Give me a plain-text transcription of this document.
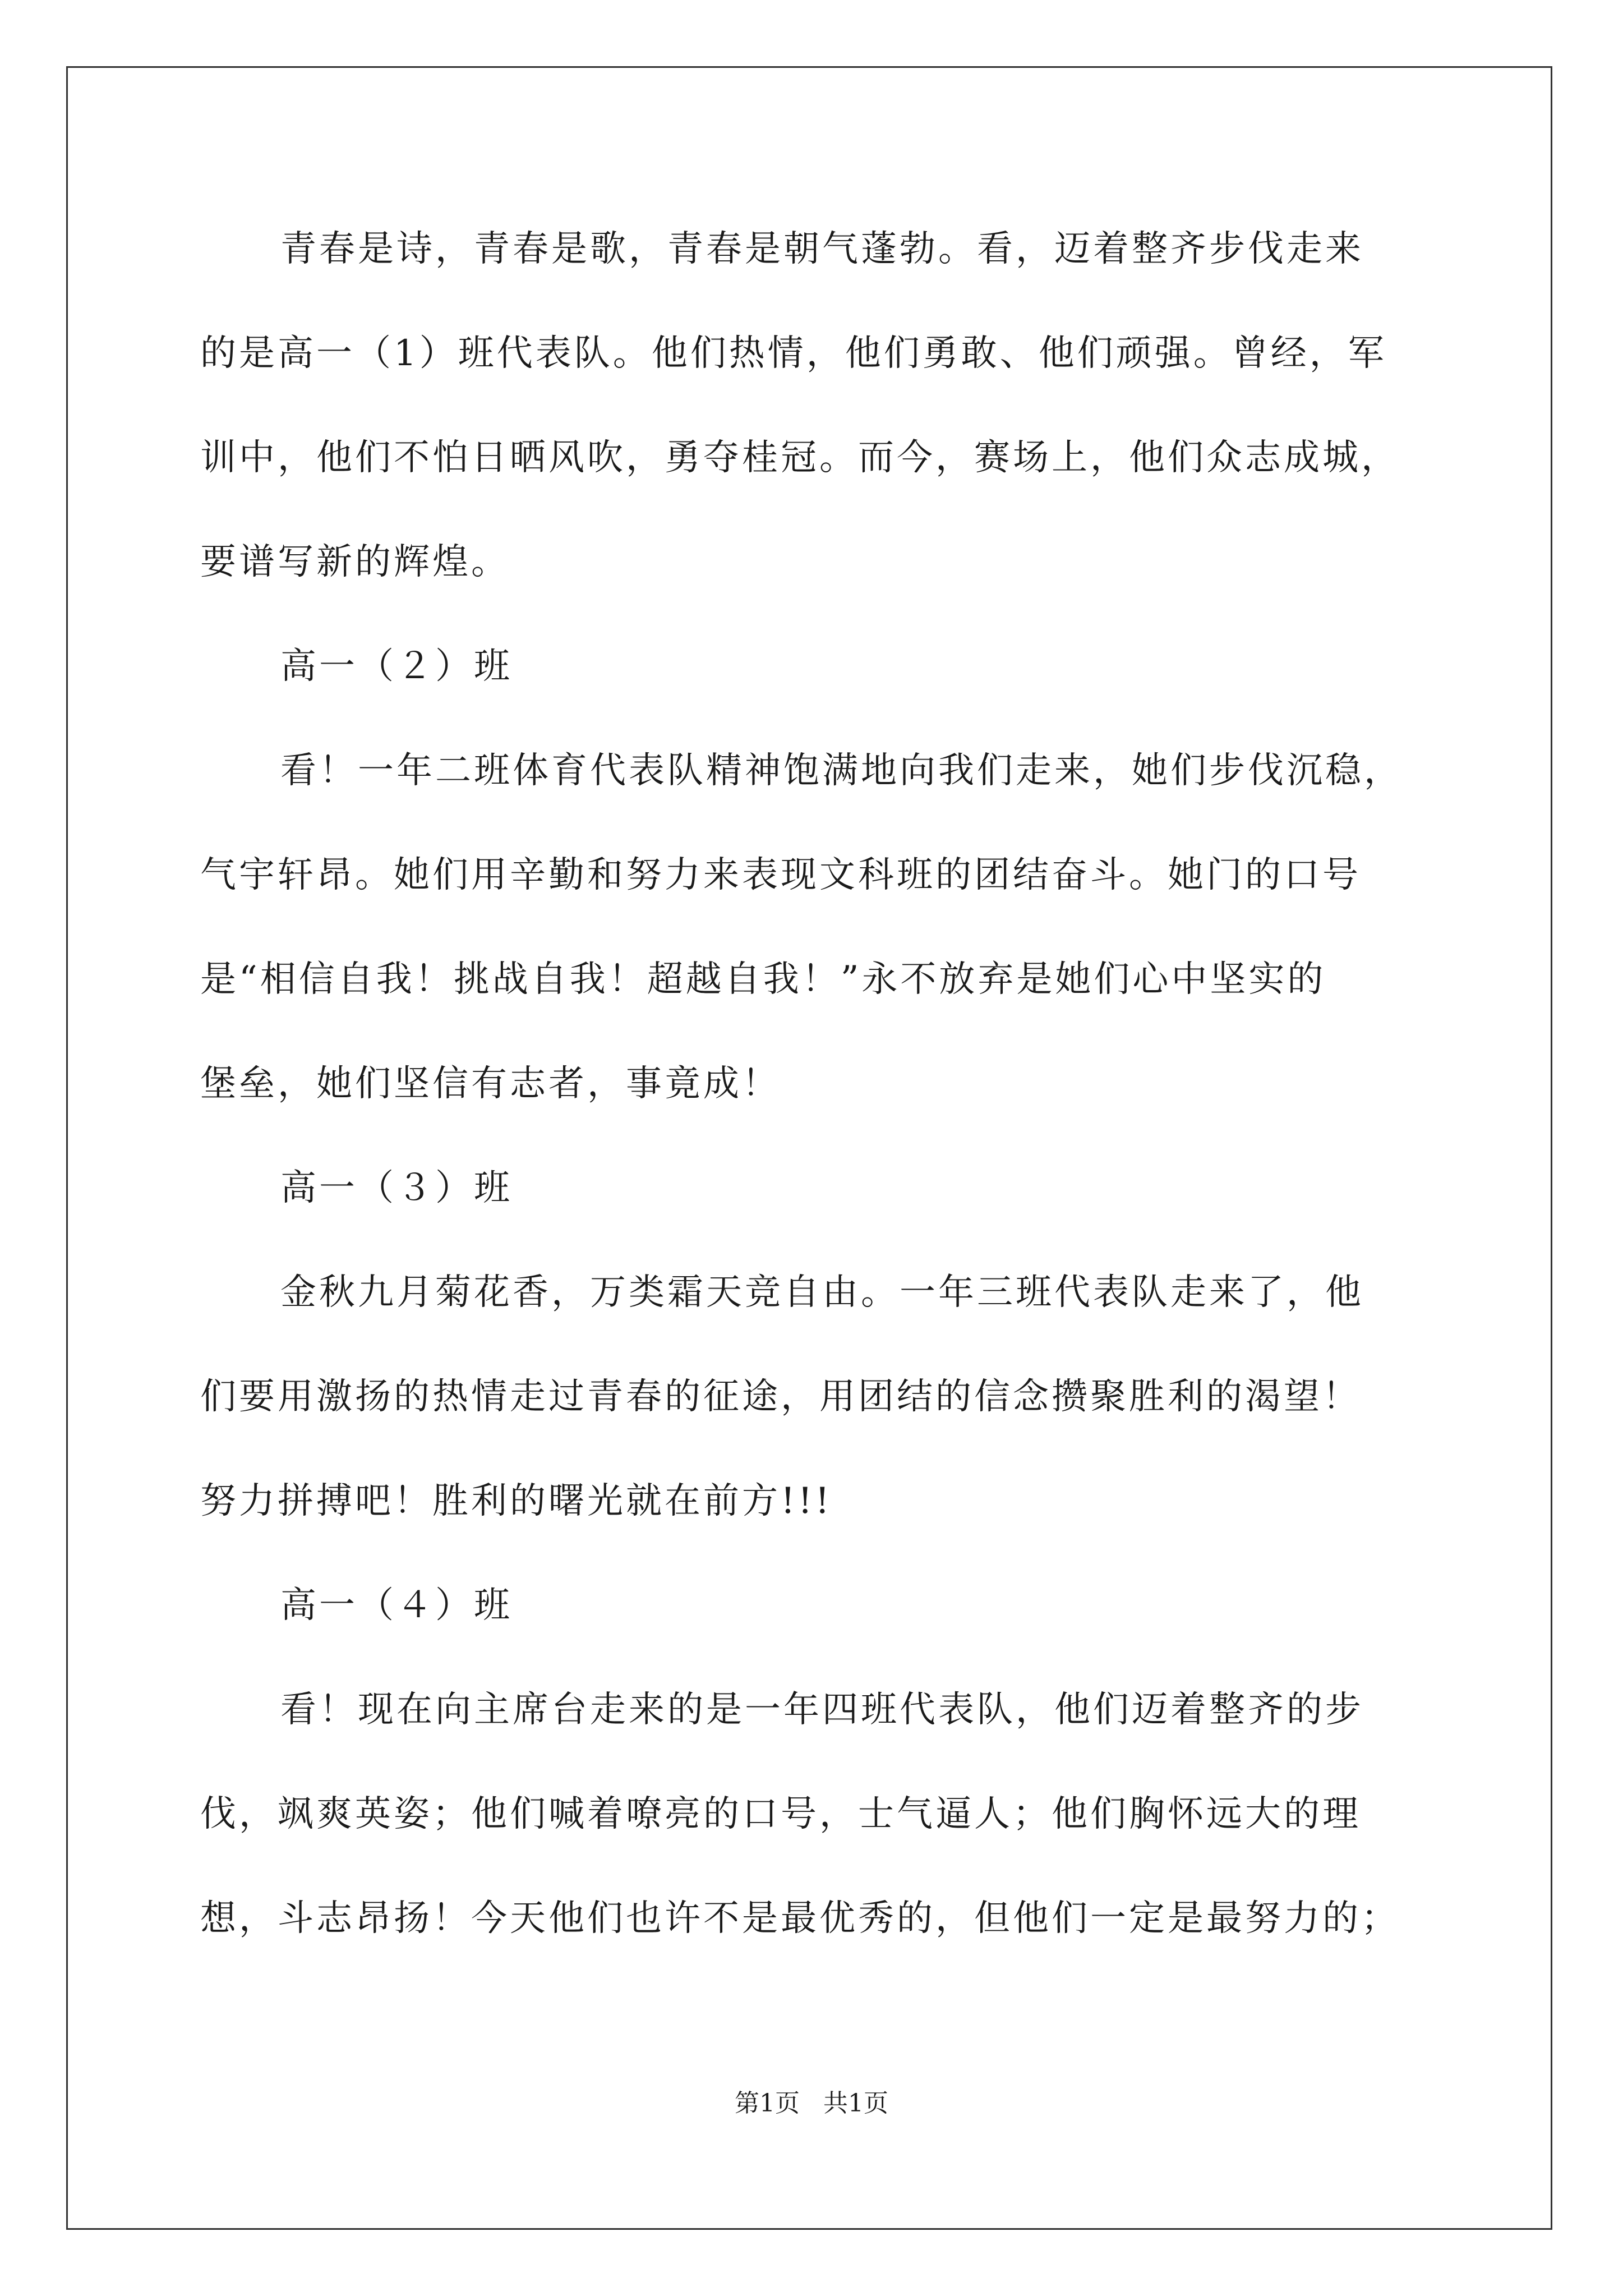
青春是诗，青春是歌，青春是朝气蓬勃。看，迈着整齐步伐走来
的是高一（1）班代表队。他们热情，他们勇敢、他们顽强。曾经，军
训中，他们不怕日晒风吹，勇夺桂冠。而今，赛场上，他们众志成城，
要谱写新的辉煌。
高一（２）班
看！一年二班体育代表队精神饱满地向我们走来，她们步伐沉稳，
气宇轩昂。她们用辛勤和努力来表现文科班的团结奋斗。她门的口号
是“相信自我！挑战自我！超越自我！”永不放弃是她们心中坚实的
堡垒，她们坚信有志者，事竟成！
高一（３）班
金秋九月菊花香，万类霜天竞自由。一年三班代表队走来了，他
们要用激扬的热情走过青春的征途，用团结的信念攒聚胜利的渴望！
努力拼搏吧！胜利的曙光就在前方!!!
高一（４）班
看！现在向主席台走来的是一年四班代表队，他们迈着整齐的步
伐，飒爽英姿；他们喊着嘹亮的口号，士气逼人；他们胸怀远大的理
想，斗志昂扬！今天他们也许不是最优秀的，但他们一定是最努力的；
第1页   共1页
